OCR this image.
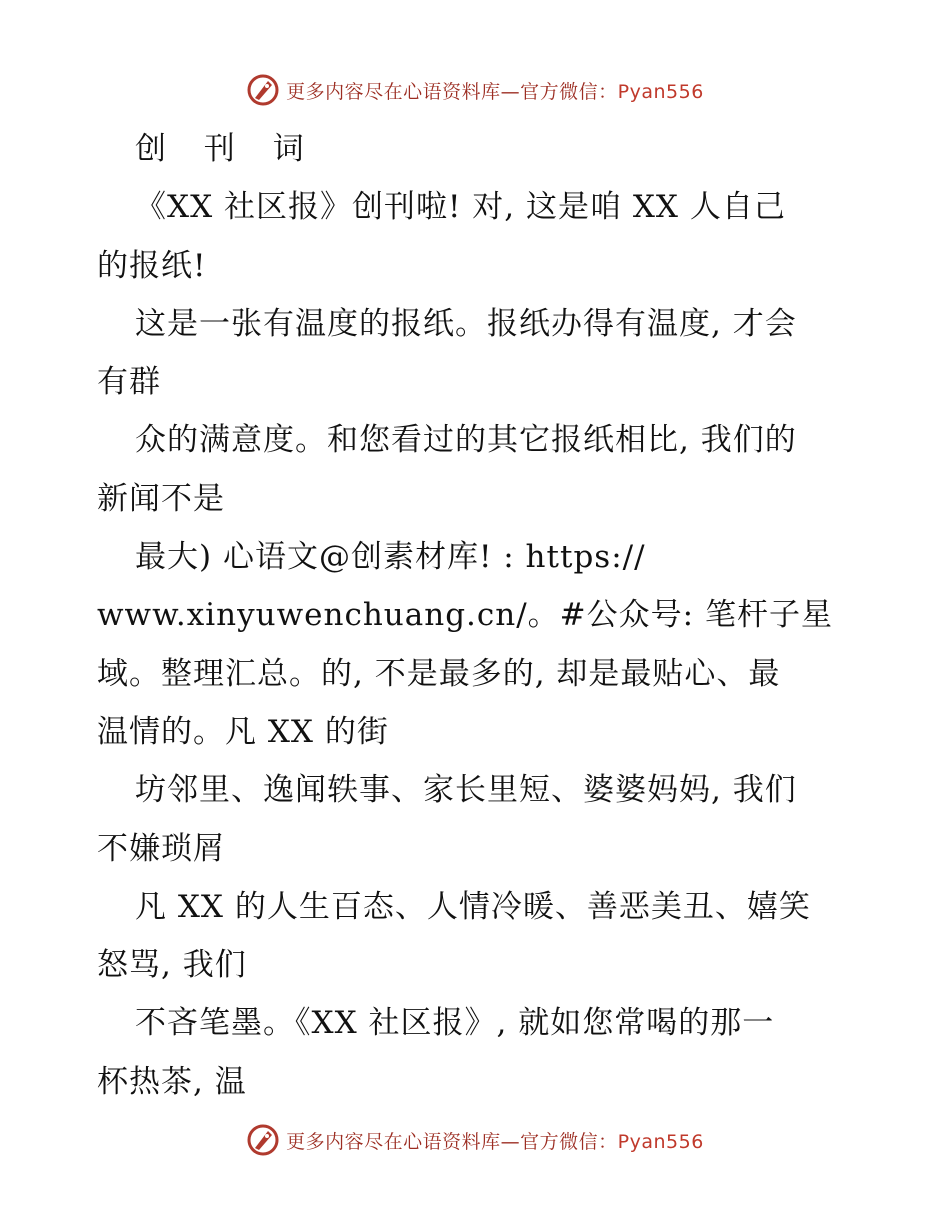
更多内容尽在心语资料库—官方微信：Pyan556
创 刊 词
《XX 社区报》创刊啦! 对, 这是咱 XX 人自己
的报纸!
这是一张有温度的报纸。报纸办得有温度, 才会
有群
众的满意度。和您看过的其它报纸相比, 我们的
新闻不是
最大) 心语文@创素材库! : https://
www.xinyuwenchuang.cn/。#公众号: 笔杆子星
域。整理汇总。的, 不是最多的, 却是最贴心、最
温情的。凡 XX 的街
坊邻里、逸闻轶事、家长里短、婆婆妈妈, 我们
不嫌琐屑
凡 XX 的人生百态、人情冷暖、善恶美丑、嬉笑
怒骂, 我们
不吝笔墨。《XX 社区报》, 就如您常喝的那一
杯热茶, 温
更多内容尽在心语资料库—官方微信：Pyan556
